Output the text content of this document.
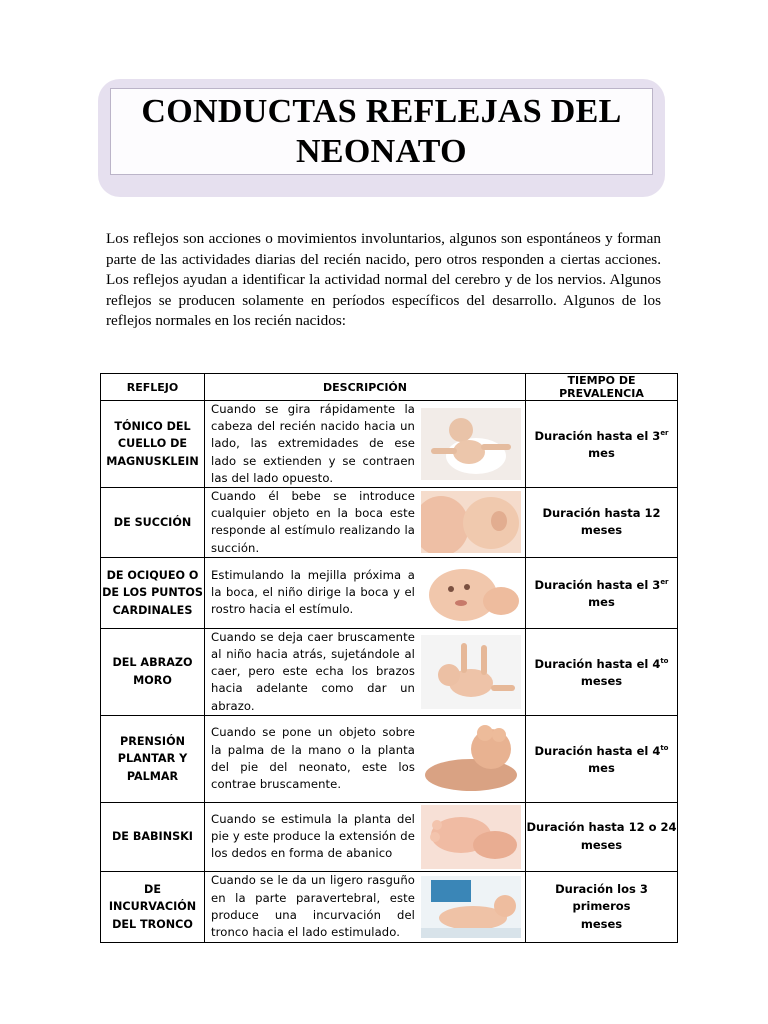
CONDUCTAS REFLEJAS DEL
NEONATO

Los reflejos son acciones o movimientos involuntarios, algunos son espontáneos y forman parte de las actividades diarias del recién nacido, pero otros responden a ciertas acciones. Los reflejos ayudan a identificar la actividad normal del cerebro y de los nervios. Algunos reflejos se producen solamente en períodos específicos del desarrollo. Algunos de los reflejos normales en los recién nacidos:

REFLEJO	DESCRIPCIÓN	TIEMPO DE PREVALENCIA
TÓNICO DEL CUELLO DE MAGNUSKLEIN	Cuando se gira rápidamente la cabeza del recién nacido hacia un lado, las extremidades de ese lado se extienden y se contraen las del lado opuesto.	Duración hasta el 3er
mes
DE SUCCIÓN	Cuando él bebe se introduce cualquier objeto en la boca este responde al estímulo realizando la succión.	Duración hasta 12
meses
DE OCIQUEO O DE LOS PUNTOS CARDINALES	Estimulando la mejilla próxima a la boca, el niño dirige la boca y el rostro hacia el estímulo.	Duración hasta el 3er
mes
DEL ABRAZO MORO	Cuando se deja caer bruscamente al niño hacia atrás, sujetándole al caer, pero este echa los brazos hacia adelante como dar un abrazo.	Duración hasta el $4^{to}$
meses
PRENSIÓN PLANTAR Y PALMAR	Cuando se pone un objeto sobre la palma de la mano o la planta del pie del neonato, este los contrae bruscamente.	Duración hasta el $4^{to}$
mes
DE BABINSKI	Cuando se estimula la planta del pie y este produce la extensión de los dedos en forma de abanico	Duración hasta 12 o 24
meses
DE INCURVACIÓN DEL TRONCO	Cuando se le da un ligero rasguño en la parte paravertebral, este produce una incurvación del tronco hacia el lado estimulado.	Duración los 3 primeros
meses
